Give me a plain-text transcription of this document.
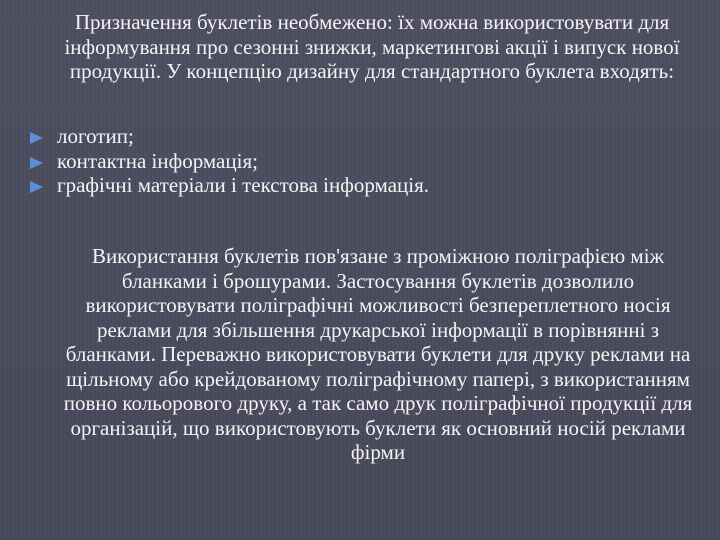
Призначення буклетів необмежено: їх можна використовувати для інформування про сезонні знижки, маркетингові акції і випуск нової продукції. У концепцію дизайну для стандартного буклета входять:

логотип;
контактна інформація;
графічні матеріали і текстова інформація.

Використання буклетів пов'язане з проміжною поліграфією між бланками і брошурами. Застосування буклетів дозволило використовувати поліграфічні можливості безпереплетного носія реклами для збільшення друкарської інформації в порівнянні з бланками. Переважно використовувати буклети для друку реклами на щільному або крейдованому поліграфічному папері, з використанням повно кольорового друку, а так само друк поліграфічної продукції для організацій, що використовують буклети як основний носій реклами фірми
